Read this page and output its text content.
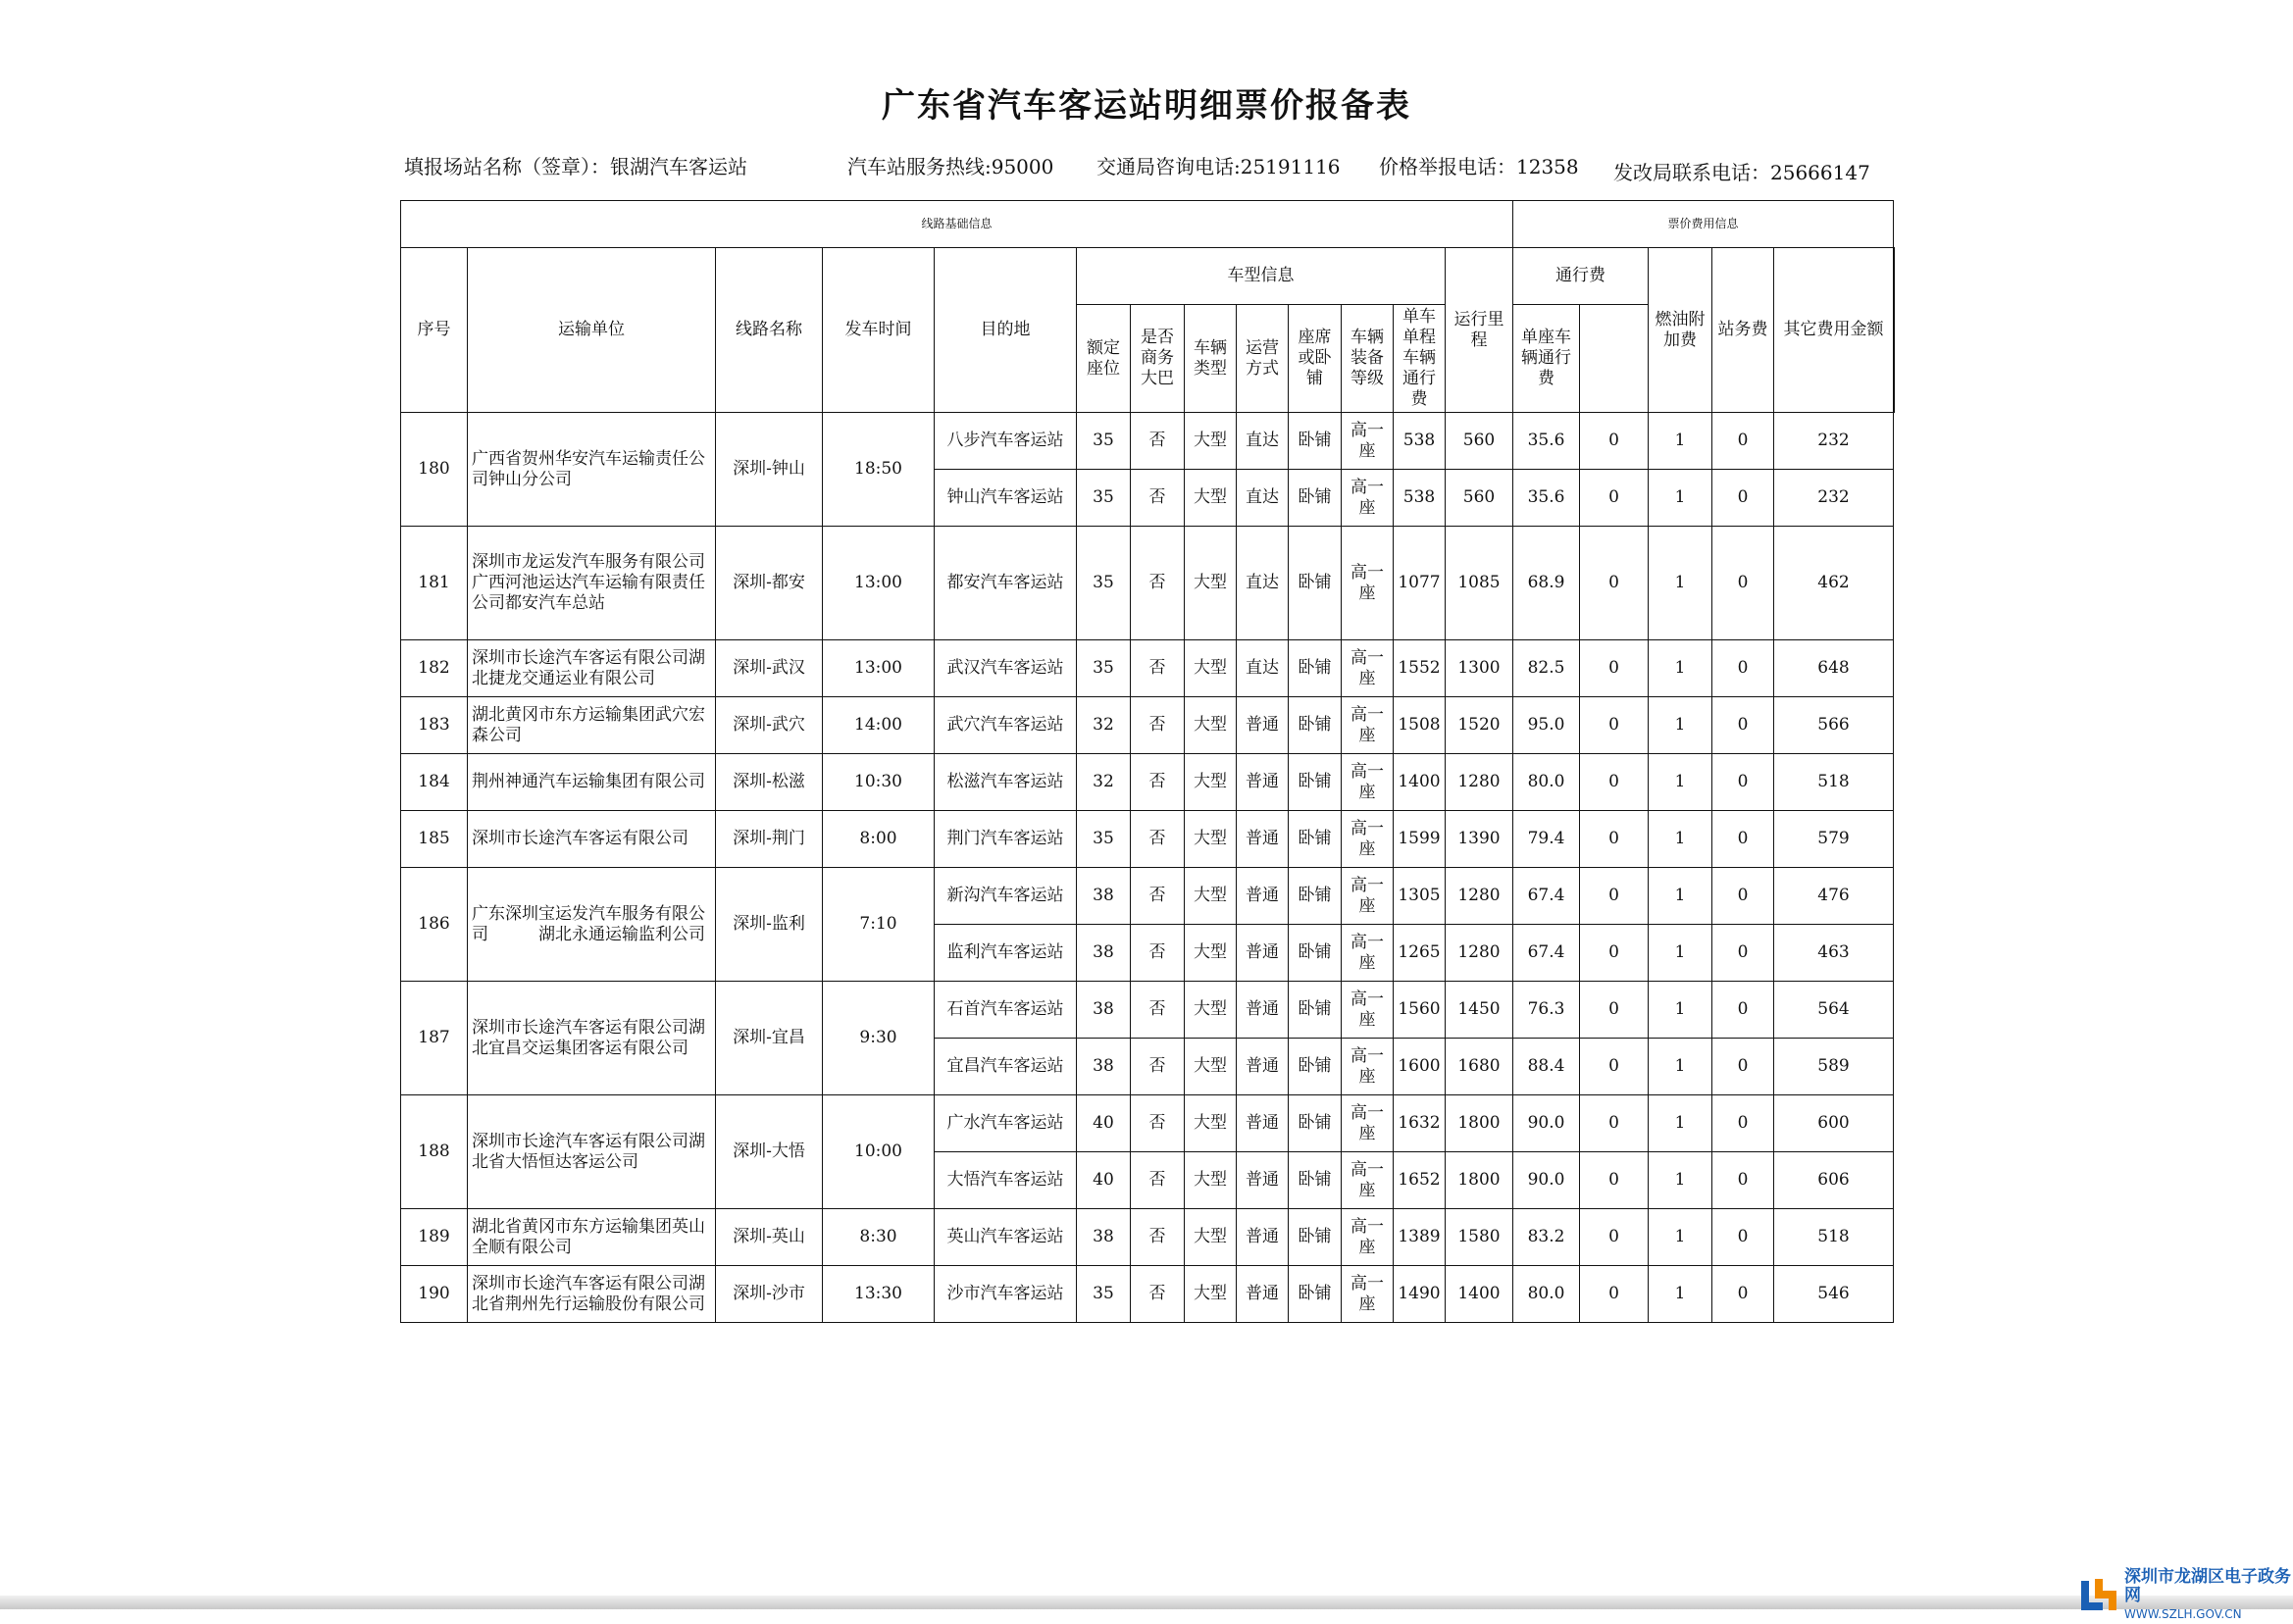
广东省汽车客运站明细票价报备表
填报场站名称（签章）：银湖汽车客运站	汽车站服务热线:95000 交通局咨询电话:25191116 价格举报电话：12358 发改局联系电话：25666147
线路基础信息													票价费用信息					
序号	运输单位	线路名称	发车时间	目的地	车型信息							运行里程	通行费		燃油附加费	站务费	其它费用金额	
					额定座位	是否商务大巴	车辆类型	运营方式	座席或卧铺	车辆装备等级	单车单程车辆通行费		单座车辆通行费					
180	广西省贺州华安汽车运输责任公司钟山分公司	深圳-钟山	18:50	八步汽车客运站	35	否	大型	直达	卧铺	高一座	538	560	35.6	0	1	0	232	
				钟山汽车客运站	35	否	大型	直达	卧铺	高一座	538	560	35.6	0	1	0	232	
181	深圳市龙运发汽车服务有限公司　　广西河池运达汽车运输有限责任公司都安汽车总站	深圳-都安	13:00	都安汽车客运站	35	否	大型	直达	卧铺	高一座	1077	1085	68.9	0	1	0	462	
182	深圳市长途汽车客运有限公司湖北捷龙交通运业有限公司	深圳-武汉	13:00	武汉汽车客运站	35	否	大型	直达	卧铺	高一座	1552	1300	82.5	0	1	0	648	
183	湖北黄冈市东方运输集团武穴宏森公司	深圳-武穴	14:00	武穴汽车客运站	32	否	大型	普通	卧铺	高一座	1508	1520	95.0	0	1	0	566	
184	荆州神通汽车运输集团有限公司	深圳-松滋	10:30	松滋汽车客运站	32	否	大型	普通	卧铺	高一座	1400	1280	80.0	0	1	0	518	
185	深圳市长途汽车客运有限公司	深圳-荆门	8:00	荆门汽车客运站	35	否	大型	普通	卧铺	高一座	1599	1390	79.4	0	1	0	579	
186	广东深圳宝运发汽车服务有限公司　　　湖北永通运输监利公司	深圳-监利	7:10	新沟汽车客运站	38	否	大型	普通	卧铺	高一座	1305	1280	67.4	0	1	0	476	
				监利汽车客运站	38	否	大型	普通	卧铺	高一座	1265	1280	67.4	0	1	0	463	
187	深圳市长途汽车客运有限公司湖北宜昌交运集团客运有限公司	深圳-宜昌	9:30	石首汽车客运站	38	否	大型	普通	卧铺	高一座	1560	1450	76.3	0	1	0	564	
				宜昌汽车客运站	38	否	大型	普通	卧铺	高一座	1600	1680	88.4	0	1	0	589	
188	深圳市长途汽车客运有限公司湖北省大悟恒达客运公司	深圳-大悟	10:00	广水汽车客运站	40	否	大型	普通	卧铺	高一座	1632	1800	90.0	0	1	0	600	
				大悟汽车客运站	40	否	大型	普通	卧铺	高一座	1652	1800	90.0	0	1	0	606	
189	湖北省黄冈市东方运输集团英山全顺有限公司	深圳-英山	8:30	英山汽车客运站	38	否	大型	普通	卧铺	高一座	1389	1580	83.2	0	1	0	518	
190	深圳市长途汽车客运有限公司湖北省荆州先行运输股份有限公司	深圳-沙市	13:30	沙市汽车客运站	35	否	大型	普通	卧铺	高一座	1490	1400	80.0	0	1	0	546	
深圳市龙湖区电子政务网
WWW.SZLH.GOV.CN
